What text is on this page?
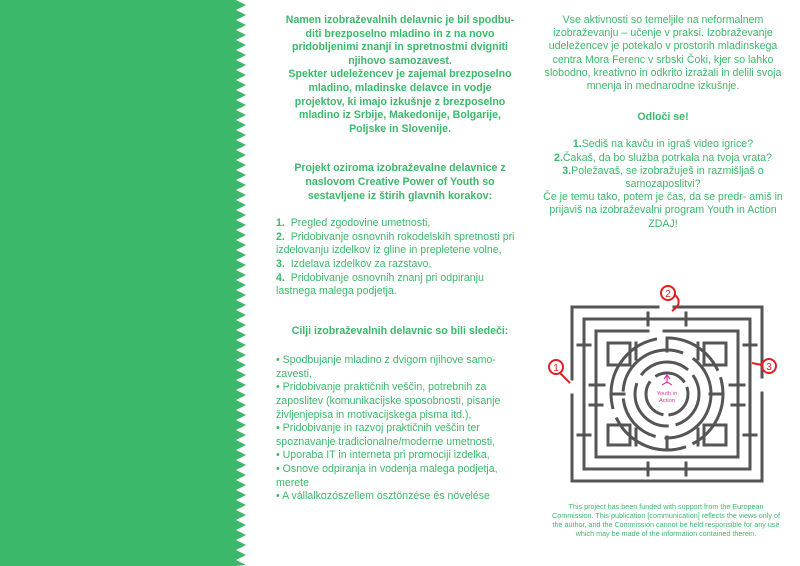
Namen izobraževalnih delavnic je bil spodbu-
diti brezposelno mladino in z na novo
pridobljenimi znanji in spretnostmi dvigniti
njihovo samozavest.
Spekter udeležencev je zajemal brezposelno
mladino, mladinske delavce in vodje
projektov, ki imajo izkušnje z brezposelno
mladino iz Srbije, Makedonije, Bolgarije,
Poljske in Slovenije.
Projekt oziroma izobraževalne delavnice z
naslovom Creative Power of Youth so
sestavljene iz štirih glavnih korakov:
1. Pregled zgodovine umetnosti,
2. Pridobivanje osnovnih rokodelskih spretnosti pri izdelovanju izdelkov iz gline in prepletene volne,
3. Izdelava izdelkov za razstavo,
4. Pridobivanje osnovnih znanj pri odpiranju lastnega malega podjetja.
Cilji izobraževalnih delavnic so bili sledeči:
• Spodbujanje mladino z dvigom njihove samo- zavesti,
• Pridobivanje praktičnih veščin, potrebnih za zaposlitev (komunikacijske sposobnosti, pisanje življenjepisa in motivacijskega pisma itd.),
• Pridobivanje in razvoj praktičnih veščin ter spoznavanje tradicionalne/moderne umetnosti,
• Uporaba IT in interneta pri promociji izdelka,
• Osnove odpiranja in vodenja malega podjetja,
merete
• A vállalkozószellem ösztönzése és növelése

Vse aktivnosti so temeljile na neformalnem izobraževanju – učenje v praksi. Izobraževanje udeležencev je potekalo v prostorih mladinskega centra Mora Ferenc v srbski Čoki, kjer so lahko slobodno, kreativno in odkrito izražali in delili svoja mnenja in mednarodne izkušnje.

Odloči se!

1.Sediš na kavču in igraš video igrice?

2.Čakaš, da bo služba potrkala na tvoja vrata?

3.Poležavaš, se izobražuješ in razmišljaš o samozaposlitvi?

Če je temu tako, potem je čas, da se predr- amiš in prijaviš na izobraževalni program Youth in Action ZDAJ!

1
2
3
Youth in
Action
This project has been funded with support from the European Commission. This publication [communication] reflects the views only of the author, and the Commission cannot be held responsible for any use which may be made of the information contained therein.
